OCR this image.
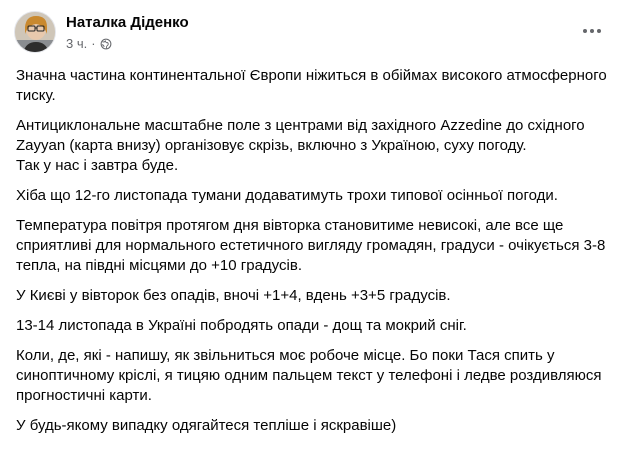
Наталка Діденко
3 ч. ·

Значна частина континентальної Європи ніжиться в обіймах високого атмосферного тиску.

Антициклональне масштабне поле з центрами від західного Azzedine до східного Zayyan (карта внизу) організовує скрізь, включно з Україною, суху погоду.

Так у нас і завтра буде.

Хіба що 12-го листопада тумани додаватимуть трохи типової осінньої погоди.

Температура повітря протягом дня вівторка становитиме невисокі, але все ще сприятливі для нормального естетичного вигляду громадян, градуси - очікується 3-8 тепла, на півдні місцями до +10 градусів.

У Києві у вівторок без опадів, вночі +1+4, вдень +3+5 градусів.

13-14 листопада в Україні побродять опади - дощ та мокрий сніг.

Коли, де, які - напишу, як звільниться моє робоче місце. Бо поки Тася спить у синоптичному кріслі, я тицяю одним пальцем текст у телефоні і ледве роздивляюся прогностичні карти.

У будь-якому випадку одягайтеся тепліше і яскравіше)
